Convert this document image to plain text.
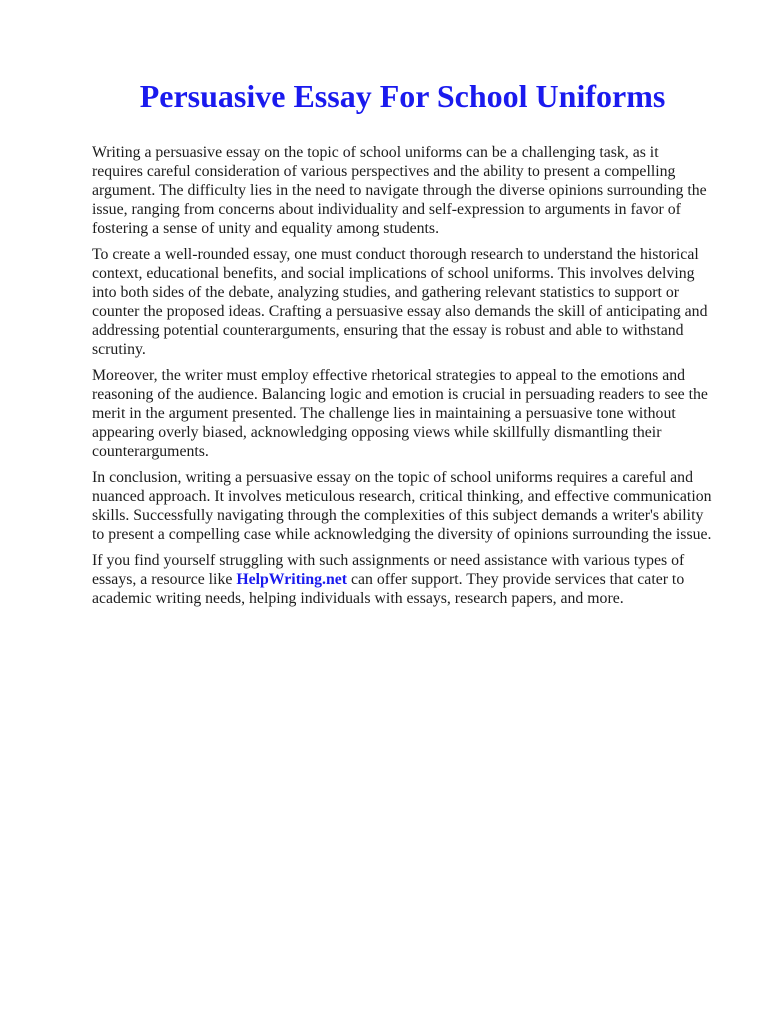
Persuasive Essay For School Uniforms

Writing a persuasive essay on the topic of school uniforms can be a challenging task, as it requires careful consideration of various perspectives and the ability to present a compelling argument. The difficulty lies in the need to navigate through the diverse opinions surrounding the issue, ranging from concerns about individuality and self-expression to arguments in favor of fostering a sense of unity and equality among students.

To create a well-rounded essay, one must conduct thorough research to understand the historical context, educational benefits, and social implications of school uniforms. This involves delving into both sides of the debate, analyzing studies, and gathering relevant statistics to support or counter the proposed ideas. Crafting a persuasive essay also demands the skill of anticipating and addressing potential counterarguments, ensuring that the essay is robust and able to withstand scrutiny.

Moreover, the writer must employ effective rhetorical strategies to appeal to the emotions and reasoning of the audience. Balancing logic and emotion is crucial in persuading readers to see the merit in the argument presented. The challenge lies in maintaining a persuasive tone without appearing overly biased, acknowledging opposing views while skillfully dismantling their counterarguments.

In conclusion, writing a persuasive essay on the topic of school uniforms requires a careful and nuanced approach. It involves meticulous research, critical thinking, and effective communication skills. Successfully navigating through the complexities of this subject demands a writer's ability to present a compelling case while acknowledging the diversity of opinions surrounding the issue.

If you find yourself struggling with such assignments or need assistance with various types of essays, a resource like HelpWriting.net can offer support. They provide services that cater to academic writing needs, helping individuals with essays, research papers, and more.
